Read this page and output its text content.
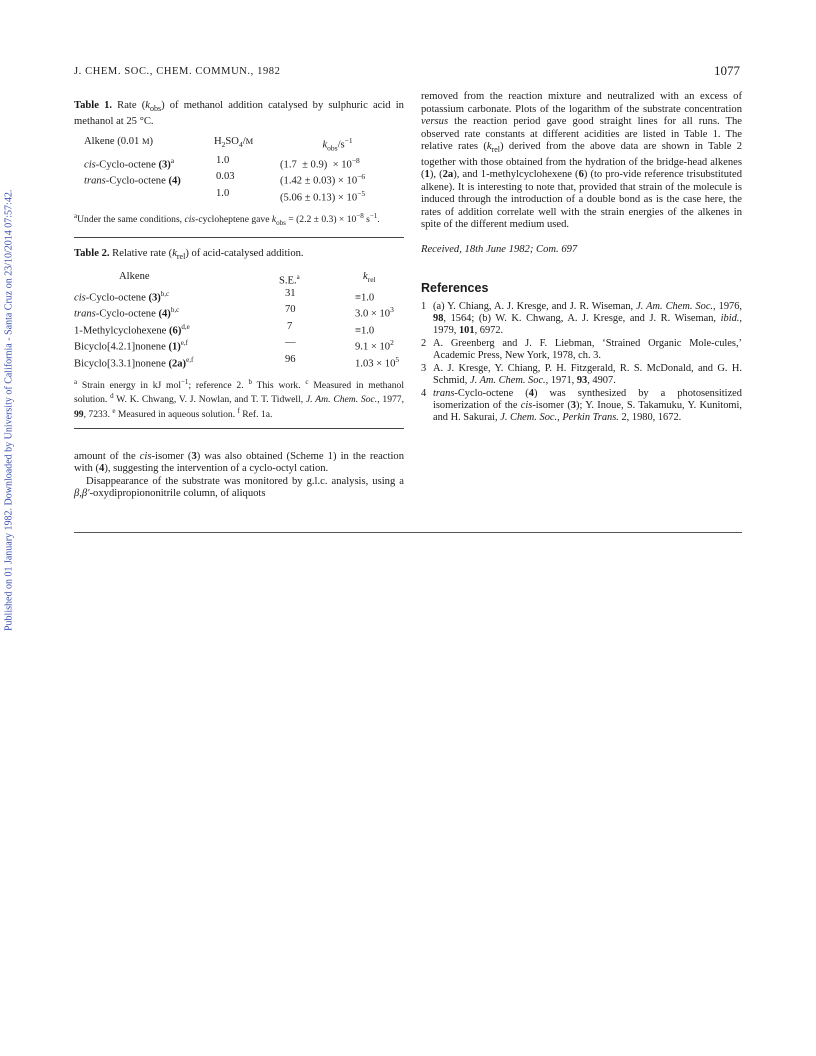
Published on 01 January 1982. Downloaded by University of California - Santa Cruz on 23/10/2014 07:57:42.
J. CHEM. SOC., CHEM. COMMUN., 1982	1077

Table 1. Rate $(k_{obs})$ of methanol addition catalysed by sulphuric acid in methanol at 25 °C.

Alkene (0.01 M)	$H_2SO_4/M$	$k_{obs}/s^{-1}$
cis-Cyclo-octene $(3)^a$	1.0	$(1.7 \pm 0.9) \times 10^{-8}$
trans-Cyclo-octene (4)	0.03	$(1.42 \pm 0.03) \times 10^{-6}$
	1.0	$(5.06 \pm 0.13) \times 10^{-5}$

$^a$Under the same conditions, cis-cycloheptene gave $k_{obs} = (2.2 \pm 0.3) \times 10^{-8}$ $s^{-1}$.

Table 2. Relative rate $(k_{rel})$ of acid-catalysed addition.

Alkene	S.E.$^a$	$k_{rel}$
cis-Cyclo-octene $(3)^{b,c}$	31	≡1.0
trans-Cyclo-octene $(4)^{b,c}$	70	$3.0 \times 10^3$
1-Methylcyclohexene $(6)^{d,e}$	7	≡1.0
Bicyclo[4.2.1]nonene $(1)^{e,f}$	—	$9.1 \times 10^2$
Bicyclo[3.3.1]nonene $(2a)^{e,f}$	96	$1.03 \times 10^5$

$^a$ Strain energy in kJ mol$^{-1}$; reference 2. $^b$ This work. $^c$ Measured in methanol solution. $^d$ W. K. Chwang, V. J. Nowlan, and T. T. Tidwell, J. Am. Chem. Soc., 1977, 99, 7233. $^e$ Measured in aqueous solution. $^f$ Ref. 1a.

amount of the cis-isomer (3) was also obtained (Scheme 1) in the reaction with (4), suggesting the intervention of a cyclo-octyl cation.

Disappearance of the substrate was monitored by g.l.c. analysis, using a β,β′-oxydipropiononitrile column, of aliquots

removed from the reaction mixture and neutralized with an excess of potassium carbonate. Plots of the logarithm of the substrate concentration versus the reaction period gave good straight lines for all runs. The observed rate constants at different acidities are listed in Table 1. The relative rates $(k_{rel})$ derived from the above data are shown in Table 2 together with those obtained from the hydration of the bridge-head alkenes (1), (2a), and 1-methylcyclohexene (6) (to pro-vide reference trisubstituted alkene). It is interesting to note that, provided that strain of the molecule is induced through the introduction of a double bond as is the case here, the rates of addition correlate well with the strain energies of the alkenes in spite of the different medium used.

Received, 18th June 1982; Com. 697

References
1 (a) Y. Chiang, A. J. Kresge, and J. R. Wiseman, J. Am. Chem. Soc., 1976, 98, 1564; (b) W. K. Chwang, A. J. Kresge, and J. R. Wiseman, ibid., 1979, 101, 6972.
2 A. Greenberg and J. F. Liebman, ‘Strained Organic Mole-cules,’ Academic Press, New York, 1978, ch. 3.
3 A. J. Kresge, Y. Chiang, P. H. Fitzgerald, R. S. McDonald, and G. H. Schmid, J. Am. Chem. Soc., 1971, 93, 4907.
4 trans-Cyclo-octene (4) was synthesized by a photosensitized isomerization of the cis-isomer (3); Y. Inoue, S. Takamuku, Y. Kunitomi, and H. Sakurai, J. Chem. Soc., Perkin Trans. 2, 1980, 1672.
